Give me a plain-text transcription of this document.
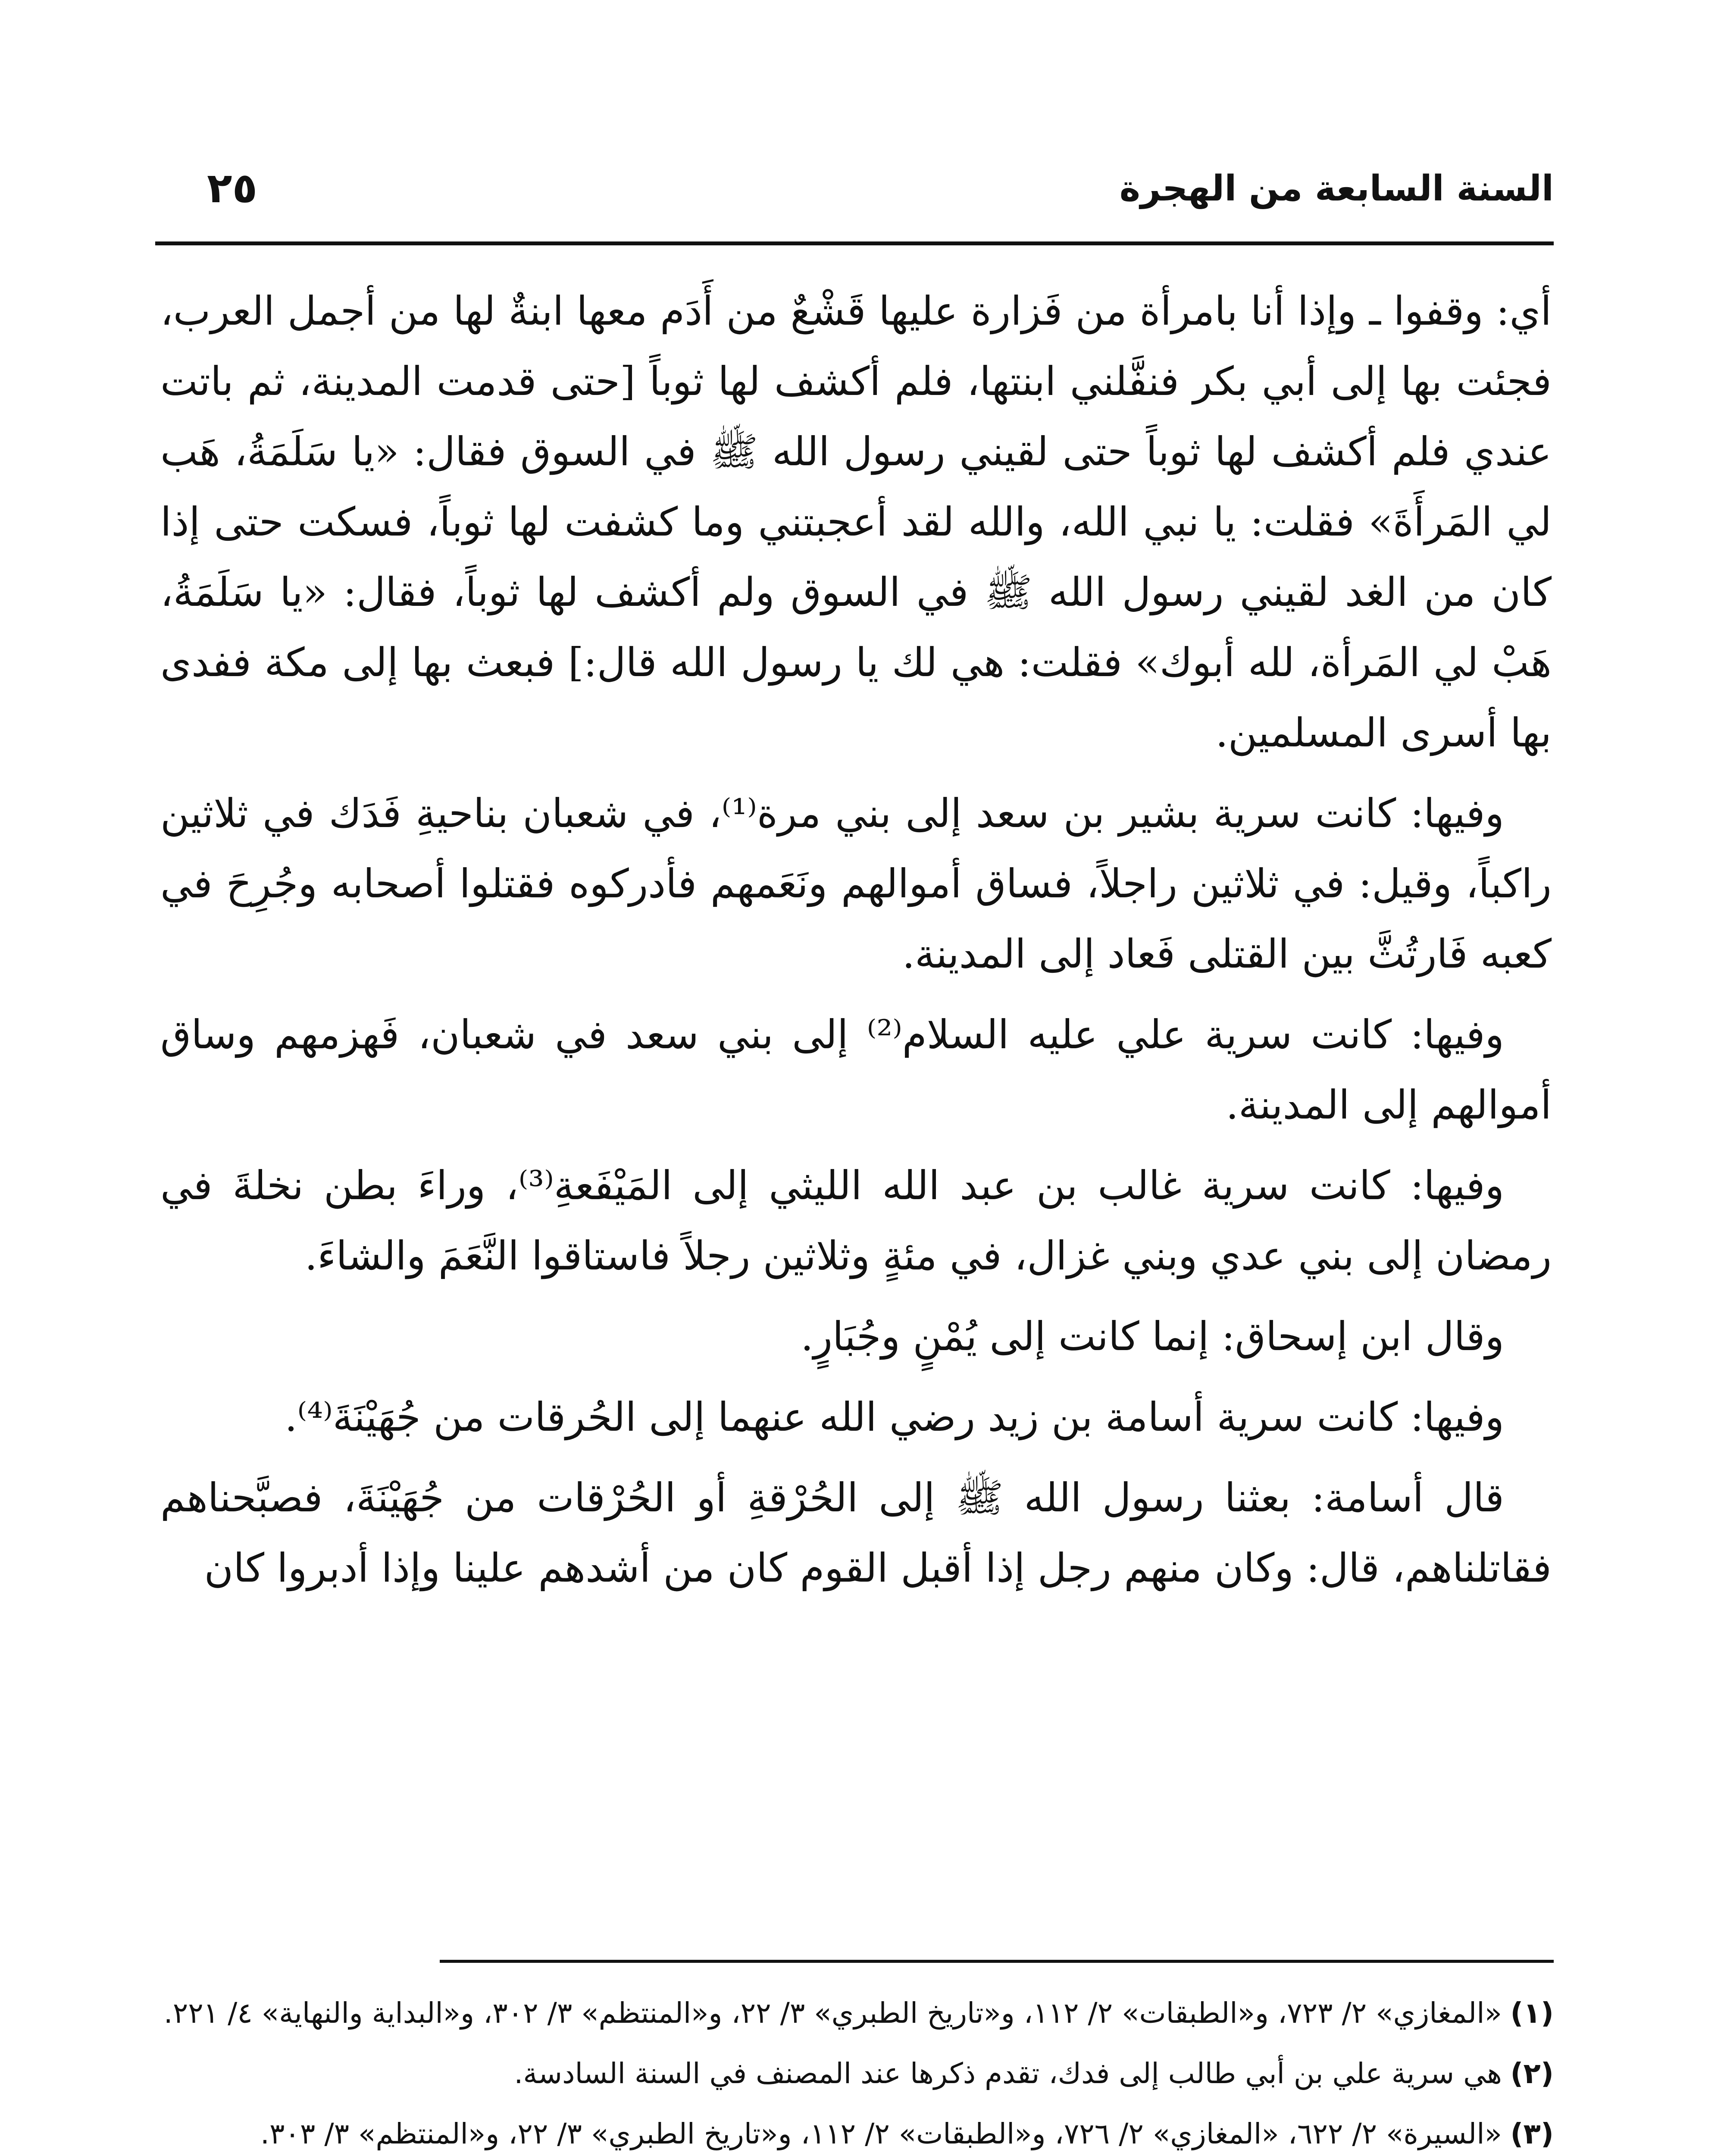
السنة السابعة من الهجرة
٢٥

أي: وقفوا ـ وإذا أنا بامرأة من فَزارة عليها قَشْعٌ من أَدَم معها ابنةٌ لها من أجمل العرب، فجئت بها إلى أبي بكر فنفَّلني ابنتها، فلم أكشف لها ثوباً [حتى قدمت المدينة، ثم باتت عندي فلم أكشف لها ثوباً حتى لقيني رسول الله ﷺ في السوق فقال: «يا سَلَمَةُ، هَب لي المَرأَةَ» فقلت: يا نبي الله، والله لقد أعجبتني وما كشفت لها ثوباً، فسكت حتى إذا كان من الغد لقيني رسول الله ﷺ في السوق ولم أكشف لها ثوباً، فقال: «يا سَلَمَةُ، هَبْ لي المَرأة، لله أبوك» فقلت: هي لك يا رسول الله قال:] فبعث بها إلى مكة ففدى بها أسرى المسلمين.

وفيها: كانت سرية بشير بن سعد إلى بني مرة⁽¹⁾، في شعبان بناحيةِ فَدَك في ثلاثين راكباً، وقيل: في ثلاثين راجلاً، فساق أموالهم ونَعَمهم فأدركوه فقتلوا أصحابه وجُرِحَ في كعبه فَارتُثَّ بين القتلى فَعاد إلى المدينة.

وفيها: كانت سرية علي عليه السلام⁽²⁾ إلى بني سعد في شعبان، فَهزمهم وساق أموالهم إلى المدينة.

وفيها: كانت سرية غالب بن عبد الله الليثي إلى المَيْفَعةِ⁽³⁾، وراءَ بطن نخلةَ في رمضان إلى بني عدي وبني غزال، في مئةٍ وثلاثين رجلاً فاستاقوا النَّعَمَ والشاءَ.

وقال ابن إسحاق: إنما كانت إلى يُمْنٍ وجُبَارٍ.

وفيها: كانت سرية أسامة بن زيد رضي الله عنهما إلى الحُرقات من جُهَيْنَةَ⁽⁴⁾.

قال أسامة: بعثنا رسول الله ﷺ إلى الحُرْقةِ أو الحُرْقات من جُهَيْنَةَ، فصبَّحناهم فقاتلناهم، قال: وكان منهم رجل إذا أقبل القوم كان من أشدهم علينا وإذا أدبروا كان

(١)
«المغازي» ٢/ ٧٢٣، و«الطبقات» ٢/ ١١٢، و«تاريخ الطبري» ٣/ ٢٢، و«المنتظم» ٣/ ٣٠٢، و«البداية والنهاية» ٤/ ٢٢١.
(٢)
هي سرية علي بن أبي طالب إلى فدك، تقدم ذكرها عند المصنف في السنة السادسة.
(٣)
«السيرة» ٢/ ٦٢٢، «المغازي» ٢/ ٧٢٦، و«الطبقات» ٢/ ١١٢، و«تاريخ الطبري» ٣/ ٢٢، و«المنتظم» ٣/ ٣٠٣.
